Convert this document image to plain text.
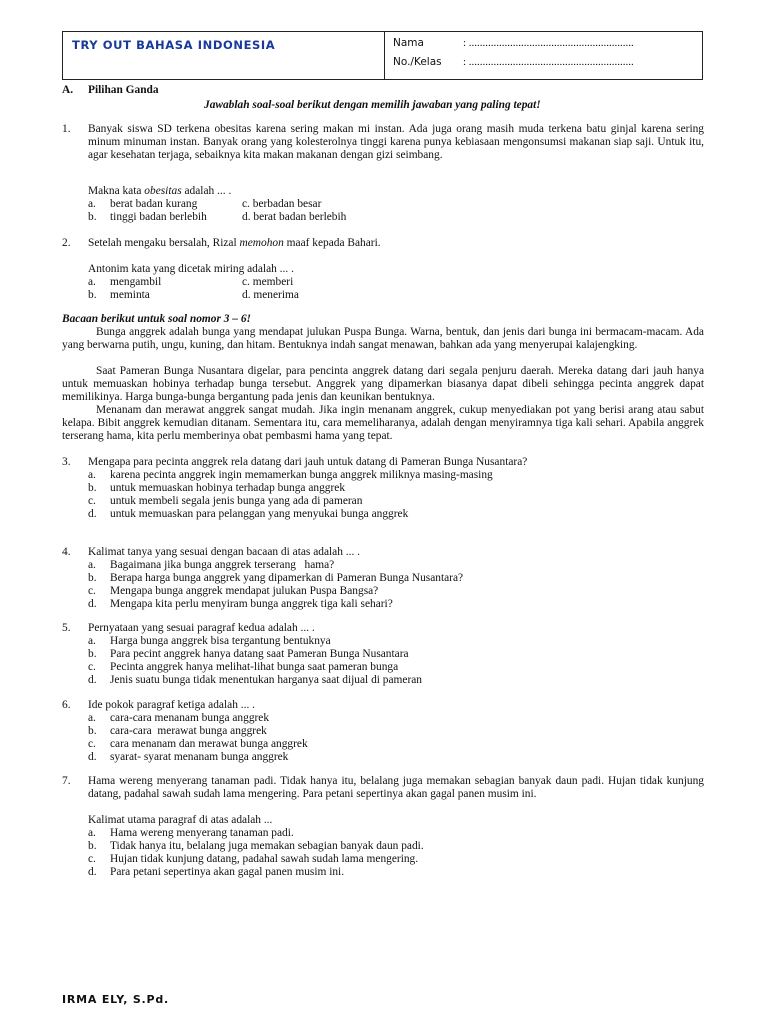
TRY OUT BAHASA INDONESIA	Nama	: ............................................................
No./Kelas : ............................................................
A. Pilihan Ganda
Jawablah soal-soal berikut dengan memilih jawaban yang paling tepat!
1. Banyak siswa SD terkena obesitas karena sering makan mi instan. Ada juga orang masih muda terkena batu ginjal karena sering minum minuman instan. Banyak orang yang kolesterolnya tinggi karena punya kebiasaan mengonsumsi makanan siap saji. Untuk itu, agar kesehatan terjaga, sebaiknya kita makan makanan dengan gizi seimbang.
Makna kata obesitas adalah ... .
a. berat badan kurang
b. tinggi badan berlebih
c. berbadan besar
d. berat badan berlebih
2. Setelah mengaku bersalah, Rizal memohon maaf kepada Bahari.
Antonim kata yang dicetak miring adalah ... .
a. mengambil
b. meminta
c. memberi
d. menerima
Bacaan berikut untuk soal nomor 3 – 6!
Bunga anggrek adalah bunga yang mendapat julukan Puspa Bunga. Warna, bentuk, dan jenis dari bunga ini bermacam-macam. Ada yang berwarna putih, ungu, kuning, dan hitam. Bentuknya indah sangat menawan, bahkan ada yang menyerupai kalajengking.
Saat Pameran Bunga Nusantara digelar, para pencinta anggrek datang dari segala penjuru daerah. Mereka datang dari jauh hanya untuk memuaskan hobinya terhadap bunga tersebut. Anggrek yang dipamerkan biasanya dapat dibeli sehingga pecinta anggrek dapat memilikinya. Harga bunga-bunga bergantung pada jenis dan keunikan bentuknya.
Menanam dan merawat anggrek sangat mudah. Jika ingin menanam anggrek, cukup menyediakan pot yang berisi arang atau sabut kelapa. Bibit anggrek kemudian ditanam. Sementara itu, cara memeliharanya, adalah dengan menyiramnya tiga kali sehari. Apabila anggrek terserang hama, kita perlu memberinya obat pembasmi hama yang tepat.
3. Mengapa para pecinta anggrek rela datang dari jauh untuk datang di Pameran Bunga Nusantara?
a. karena pecinta anggrek ingin memamerkan bunga anggrek miliknya masing-masing
b. untuk memuaskan hobinya terhadap bunga anggrek
c. untuk membeli segala jenis bunga yang ada di pameran
d. untuk memuaskan para pelanggan yang menyukai bunga anggrek
4. Kalimat tanya yang sesuai dengan bacaan di atas adalah ... .
a. Bagaimana jika bunga anggrek terserang   hama?
b. Berapa harga bunga anggrek yang dipamerkan di Pameran Bunga Nusantara?
c. Mengapa bunga anggrek mendapat julukan Puspa Bangsa?
d. Mengapa kita perlu menyiram bunga anggrek tiga kali sehari?
5. Pernyataan yang sesuai paragraf kedua adalah ... .
a. Harga bunga anggrek bisa tergantung bentuknya
b. Para pecint anggrek hanya datang saat Pameran Bunga Nusantara
c. Pecinta anggrek hanya melihat-lihat bunga saat pameran bunga
d. Jenis suatu bunga tidak menentukan harganya saat dijual di pameran
6. Ide pokok paragraf ketiga adalah ... .
a. cara-cara menanam bunga anggrek
b. cara-cara  merawat bunga anggrek
c. cara menanam dan merawat bunga anggrek
d. syarat- syarat menanam bunga anggrek
7. Hama wereng menyerang tanaman padi. Tidak hanya itu, belalang juga memakan sebagian banyak daun padi. Hujan tidak kunjung datang, padahal sawah sudah lama mengering. Para petani sepertinya akan gagal panen musim ini.
Kalimat utama paragraf di atas adalah ...
a. Hama wereng menyerang tanaman padi.
b. Tidak hanya itu, belalang juga memakan sebagian banyak daun padi.
c. Hujan tidak kunjung datang, padahal sawah sudah lama mengering.
d. Para petani sepertinya akan gagal panen musim ini.
IRMA ELY, S.Pd.
